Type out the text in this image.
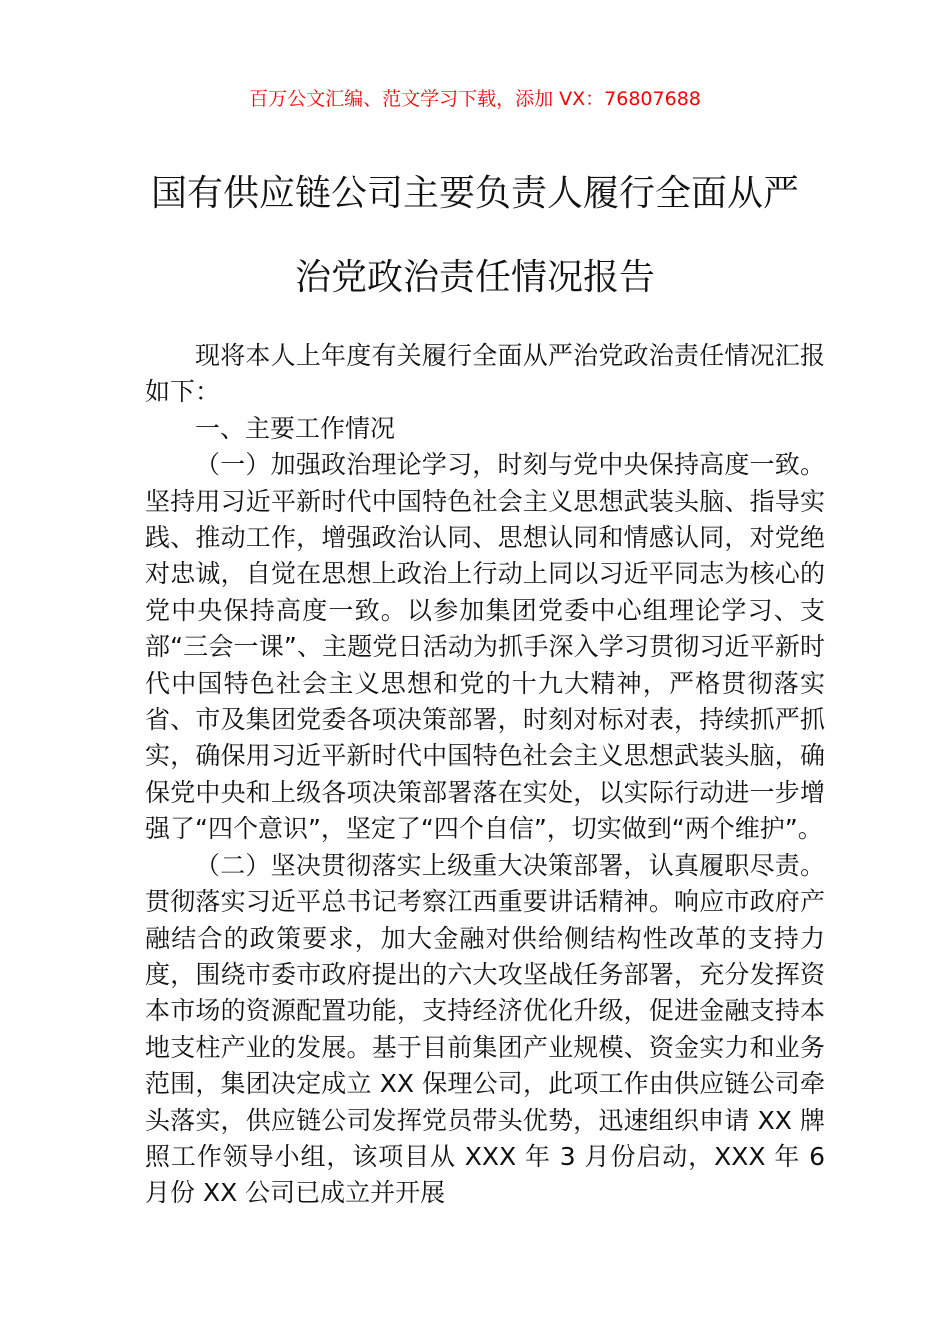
百万公文汇编、范文学习下载，添加 VX：76807688
国有供应链公司主要负责人履行全面从严
治党政治责任情况报告

现将本人上年度有关履行全面从严治党政治责任情况汇报如下：

一、主要工作情况

（一）加强政治理论学习，时刻与党中央保持高度一致。坚持用习近平新时代中国特色社会主义思想武装头脑、指导实践、推动工作，增强政治认同、思想认同和情感认同，对党绝对忠诚，自觉在思想上政治上行动上同以习近平同志为核心的党中央保持高度一致。以参加集团党委中心组理论学习、支部“三会一课”、主题党日活动为抓手深入学习贯彻习近平新时代中国特色社会主义思想和党的十九大精神，严格贯彻落实省、市及集团党委各项决策部署，时刻对标对表，持续抓严抓实，确保用习近平新时代中国特色社会主义思想武装头脑，确保党中央和上级各项决策部署落在实处，以实际行动进一步增强了“四个意识”，坚定了“四个自信”，切实做到“两个维护”。

（二）坚决贯彻落实上级重大决策部署，认真履职尽责。贯彻落实习近平总书记考察江西重要讲话精神。响应市政府产融结合的政策要求，加大金融对供给侧结构性改革的支持力度，围绕市委市政府提出的六大攻坚战任务部署，充分发挥资本市场的资源配置功能，支持经济优化升级，促进金融支持本地支柱产业的发展。基于目前集团产业规模、资金实力和业务范围，集团决定成立 XX 保理公司，此项工作由供应链公司牵头落实，供应链公司发挥党员带头优势，迅速组织申请 XX 牌照工作领导小组，该项目从 XXX 年 3 月份启动，XXX 年 6 月份 XX 公司已成立并开展
